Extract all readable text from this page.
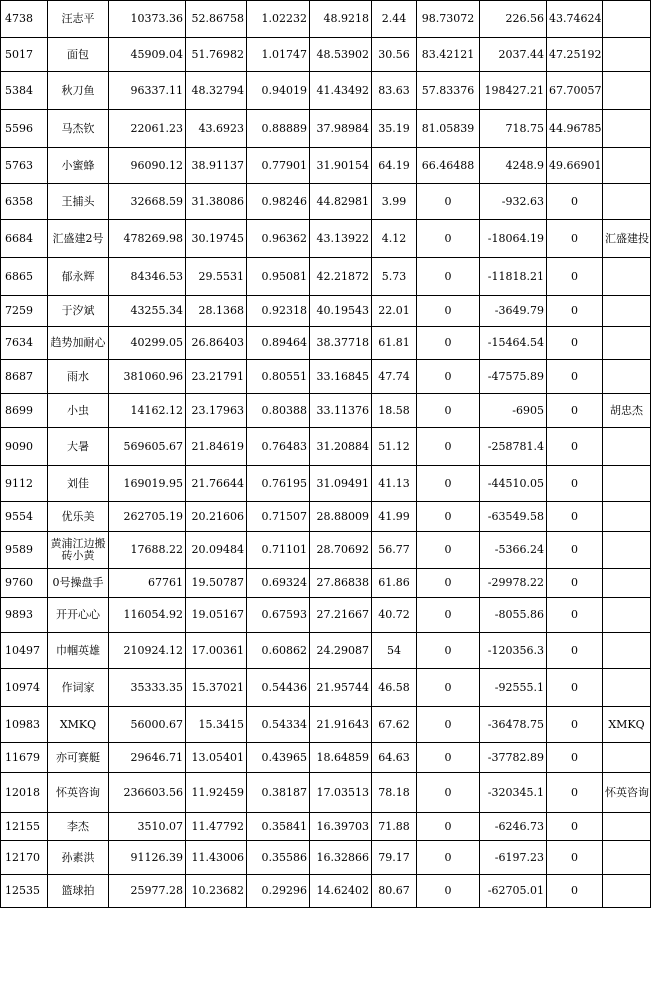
4738	汪志平	10373.36	52.86758	1.02232	48.9218	2.44	98.73072	226.56	43.74624	
5017	面包	45909.04	51.76982	1.01747	48.53902	30.56	83.42121	2037.44	47.25192	
5384	秋刀鱼	96337.11	48.32794	0.94019	41.43492	83.63	57.83376	198427.21	67.70057	
5596	马杰钦	22061.23	43.6923	0.88889	37.98984	35.19	81.05839	718.75	44.96785	
5763	小蜜蜂	96090.12	38.91137	0.77901	31.90154	64.19	66.46488	4248.9	49.66901	
6358	王捕头	32668.59	31.38086	0.98246	44.82981	3.99	0	-932.63	0	
6684	汇盛建2号	478269.98	30.19745	0.96362	43.13922	4.12	0	-18064.19	0	汇盛建投
6865	郁永辉	84346.53	29.5531	0.95081	42.21872	5.73	0	-11818.21	0	
7259	于汐斌	43255.34	28.1368	0.92318	40.19543	22.01	0	-3649.79	0	
7634	趋势加耐心	40299.05	26.86403	0.89464	38.37718	61.81	0	-15464.54	0	
8687	雨水	381060.96	23.21791	0.80551	33.16845	47.74	0	-47575.89	0	
8699	小虫	14162.12	23.17963	0.80388	33.11376	18.58	0	-6905	0	胡忠杰
9090	大暑	569605.67	21.84619	0.76483	31.20884	51.12	0	-258781.4	0	
9112	刘佳	169019.95	21.76644	0.76195	31.09491	41.13	0	-44510.05	0	
9554	优乐美	262705.19	20.21606	0.71507	28.88009	41.99	0	-63549.58	0	
9589	黄浦江边搬砖小黄	17688.22	20.09484	0.71101	28.70692	56.77	0	-5366.24	0	
9760	0号操盘手	67761	19.50787	0.69324	27.86838	61.86	0	-29978.22	0	
9893	开开心心	116054.92	19.05167	0.67593	27.21667	40.72	0	-8055.86	0	
10497	巾帼英雄	210924.12	17.00361	0.60862	24.29087	54	0	-120356.3	0	
10974	作词家	35333.35	15.37021	0.54436	21.95744	46.58	0	-92555.1	0	
10983	XMKQ	56000.67	15.3415	0.54334	21.91643	67.62	0	-36478.75	0	XMKQ
11679	亦可赛艇	29646.71	13.05401	0.43965	18.64859	64.63	0	-37782.89	0	
12018	怀英咨询	236603.56	11.92459	0.38187	17.03513	78.18	0	-320345.1	0	怀英咨询
12155	李杰	3510.07	11.47792	0.35841	16.39703	71.88	0	-6246.73	0	
12170	孙素洪	91126.39	11.43006	0.35586	16.32866	79.17	0	-6197.23	0	
12535	篮球拍	25977.28	10.23682	0.29296	14.62402	80.67	0	-62705.01	0	
